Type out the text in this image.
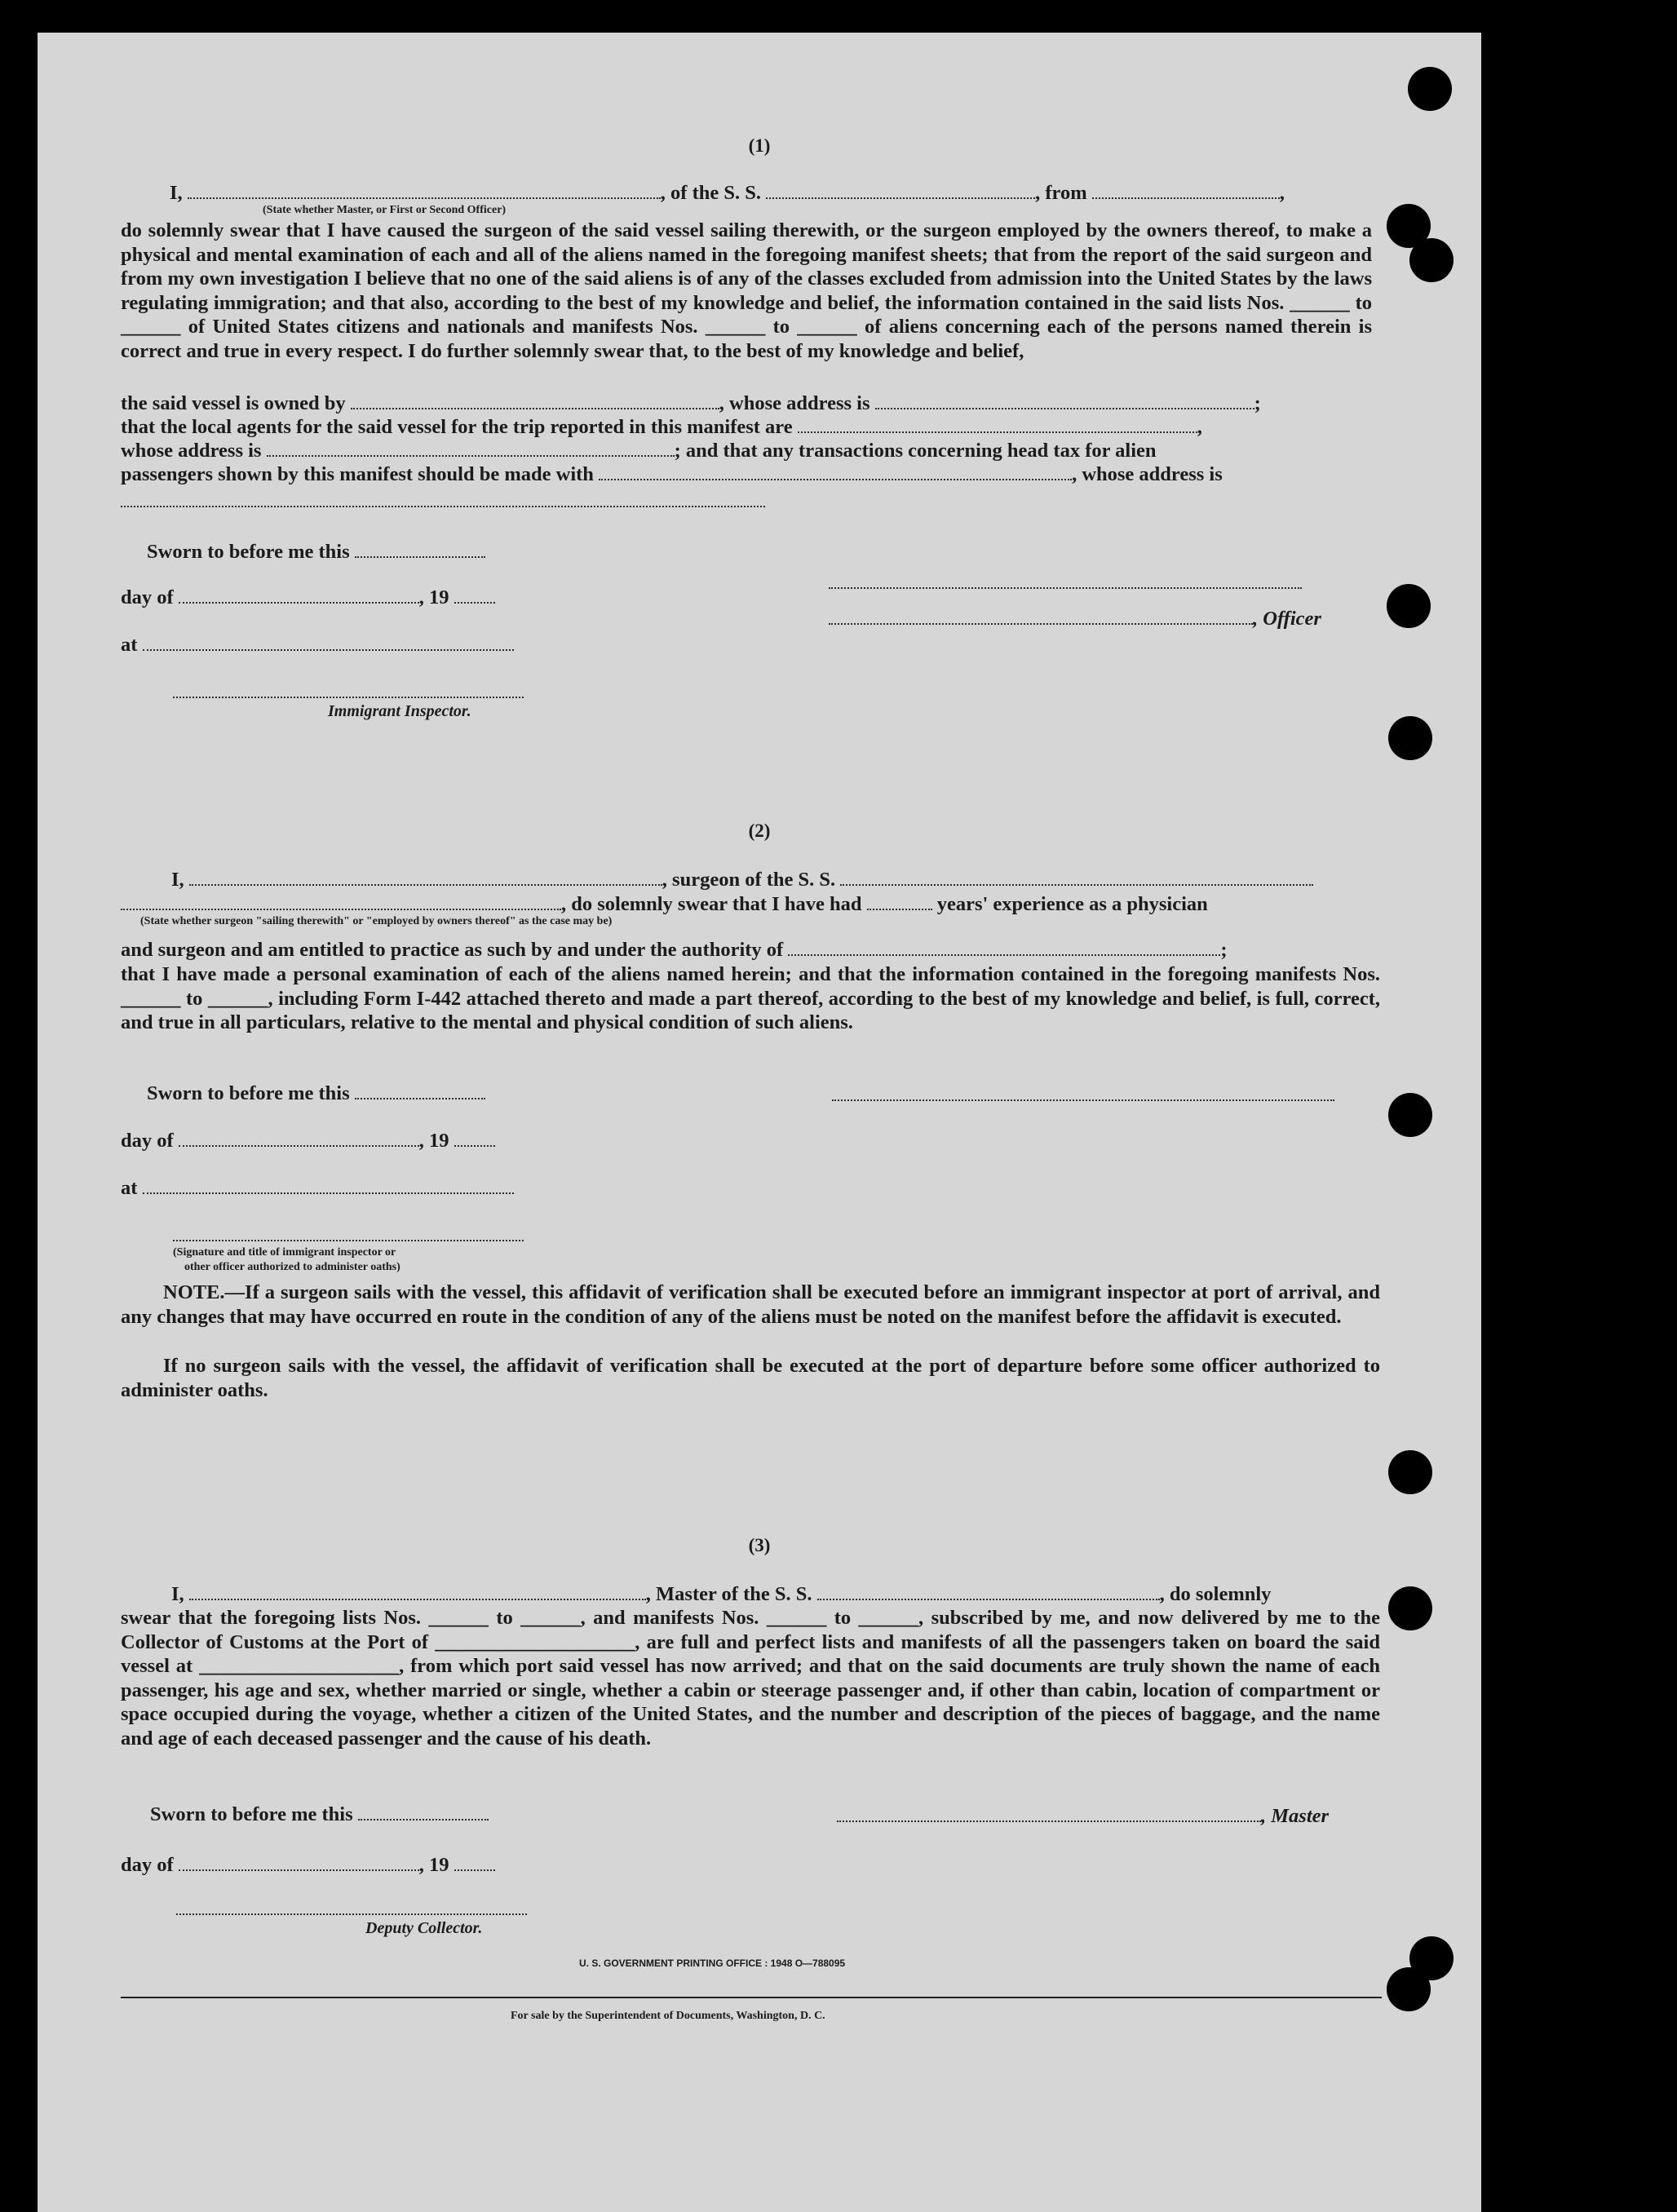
(1)
I,	, of the S. S.	, from	,
(State whether Master, or First or Second Officer)
do solemnly swear that I have caused the surgeon of the said vessel sailing therewith, or the surgeon employed by the owners thereof, to make a physical and mental examination of each and all of the aliens named in the foregoing manifest sheets; that from the report of the said surgeon and from my own investigation I believe that no one of the said aliens is of any of the classes excluded from admission into the United States by the laws regulating immigration; and that also, according to the best of my knowledge and belief, the information contained in the said lists Nos. ______ to ______ of United States citizens and nationals and manifests Nos. ______ to ______ of aliens concerning each of the persons named therein is correct and true in every respect. I do further solemnly swear that, to the best of my knowledge and belief,
the said vessel is owned by	, whose address is	;
that the local agents for the said vessel for the trip reported in this manifest are	,
whose address is	; and that any transactions concerning head tax for alien
passengers shown by this manifest should be made with	, whose address is
Sworn to before me this
day of	, 19
, Officer
at
Immigrant Inspector.
(2)
I,	, surgeon of the S. S.
, do solemnly swear that I have had	years' experience as a physician
(State whether surgeon "sailing therewith" or "employed by owners thereof" as the case may be)
and surgeon and am entitled to practice as such by and under the authority of	;
that I have made a personal examination of each of the aliens named herein; and that the information contained in the foregoing manifests Nos. ______ to ______, including Form I-442 attached thereto and made a part thereof, according to the best of my knowledge and belief, is full, correct, and true in all particulars, relative to the mental and physical condition of such aliens.
Sworn to before me this
day of	, 19
at
(Signature and title of immigrant inspector or
other officer authorized to administer oaths)
NOTE.—If a surgeon sails with the vessel, this affidavit of verification shall be executed before an immigrant inspector at port of arrival, and any changes that may have occurred en route in the condition of any of the aliens must be noted on the manifest before the affidavit is executed.
If no surgeon sails with the vessel, the affidavit of verification shall be executed at the port of departure before some officer authorized to administer oaths.
(3)
I,	, Master of the S. S.	, do solemnly
swear that the foregoing lists Nos. ______ to ______, and manifests Nos. ______ to ______, subscribed by me, and now delivered by me to the Collector of Customs at the Port of ____________________, are full and perfect lists and manifests of all the passengers taken on board the said vessel at ____________________, from which port said vessel has now arrived; and that on the said documents are truly shown the name of each passenger, his age and sex, whether married or single, whether a cabin or steerage passenger and, if other than cabin, location of compartment or space occupied during the voyage, whether a citizen of the United States, and the number and description of the pieces of baggage, and the name and age of each deceased passenger and the cause of his death.
Sworn to before me this	, Master
day of	, 19
Deputy Collector.
U. S. GOVERNMENT PRINTING OFFICE : 1948 O—788095
For sale by the Superintendent of Documents, Washington, D. C.
